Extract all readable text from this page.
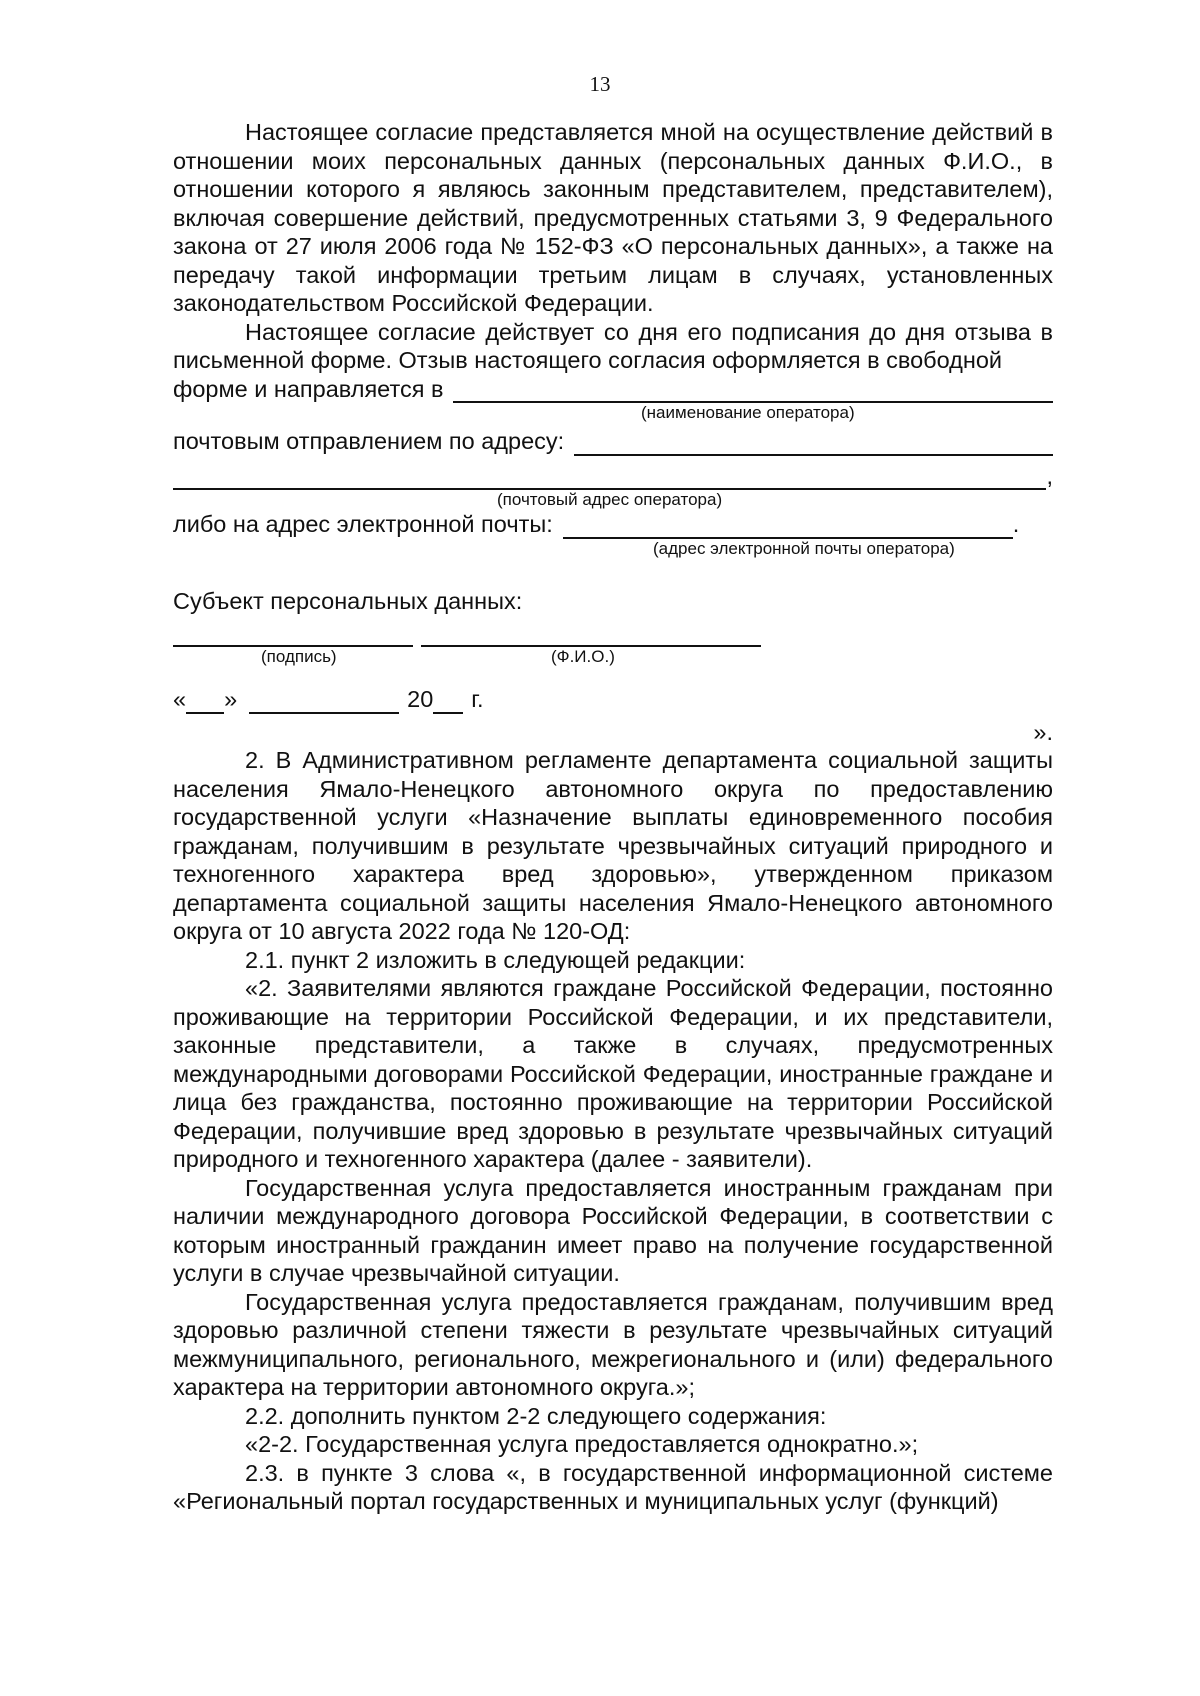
13

Настоящее согласие представляется мной на осуществление действий в отношении моих персональных данных (персональных данных Ф.И.О., в отношении которого я являюсь законным представителем, представителем), включая совершение действий, предусмотренных статьями 3, 9 Федерального закона от 27 июля 2006 года № 152-ФЗ «О персональных данных», а также на передачу такой информации третьим лицам в случаях, установленных законодательством Российской Федерации.

Настоящее согласие действует со дня его подписания до дня отзыва в письменной форме. Отзыв настоящего согласия оформляется в свободной

форме и направляется в
(наименование оператора)
почтовым отправлением по адресу:
,
(почтовый адрес оператора)
либо на адрес электронной почты:	.
(адрес электронной почты оператора)
Субъект персональных данных:
(подпись)	(Ф.И.О.)
« »	20 г.
».

2. В Административном регламенте департамента социальной защиты населения Ямало-Ненецкого автономного округа по предоставлению государственной услуги «Назначение выплаты единовременного пособия гражданам, получившим в результате чрезвычайных ситуаций природного и техногенного характера вред здоровью», утвержденном приказом департамента социальной защиты населения Ямало-Ненецкого автономного округа от 10 августа 2022 года № 120-ОД:

2.1. пункт 2 изложить в следующей редакции:

«2. Заявителями являются граждане Российской Федерации, постоянно проживающие на территории Российской Федерации, и их представители, законные представители, а также в случаях, предусмотренных международными договорами Российской Федерации, иностранные граждане и лица без гражданства, постоянно проживающие на территории Российской Федерации, получившие вред здоровью в результате чрезвычайных ситуаций природного и техногенного характера (далее - заявители).

Государственная услуга предоставляется иностранным гражданам при наличии международного договора Российской Федерации, в соответствии с которым иностранный гражданин имеет право на получение государственной услуги в случае чрезвычайной ситуации.

Государственная услуга предоставляется гражданам, получившим вред здоровью различной степени тяжести в результате чрезвычайных ситуаций межмуниципального, регионального, межрегионального и (или) федерального характера на территории автономного округа.»;

2.2. дополнить пунктом 2-2 следующего содержания:

«2-2. Государственная услуга предоставляется однократно.»;

2.3. в пункте 3 слова «, в государственной информационной системе «Региональный портал государственных и муниципальных услуг (функций)
